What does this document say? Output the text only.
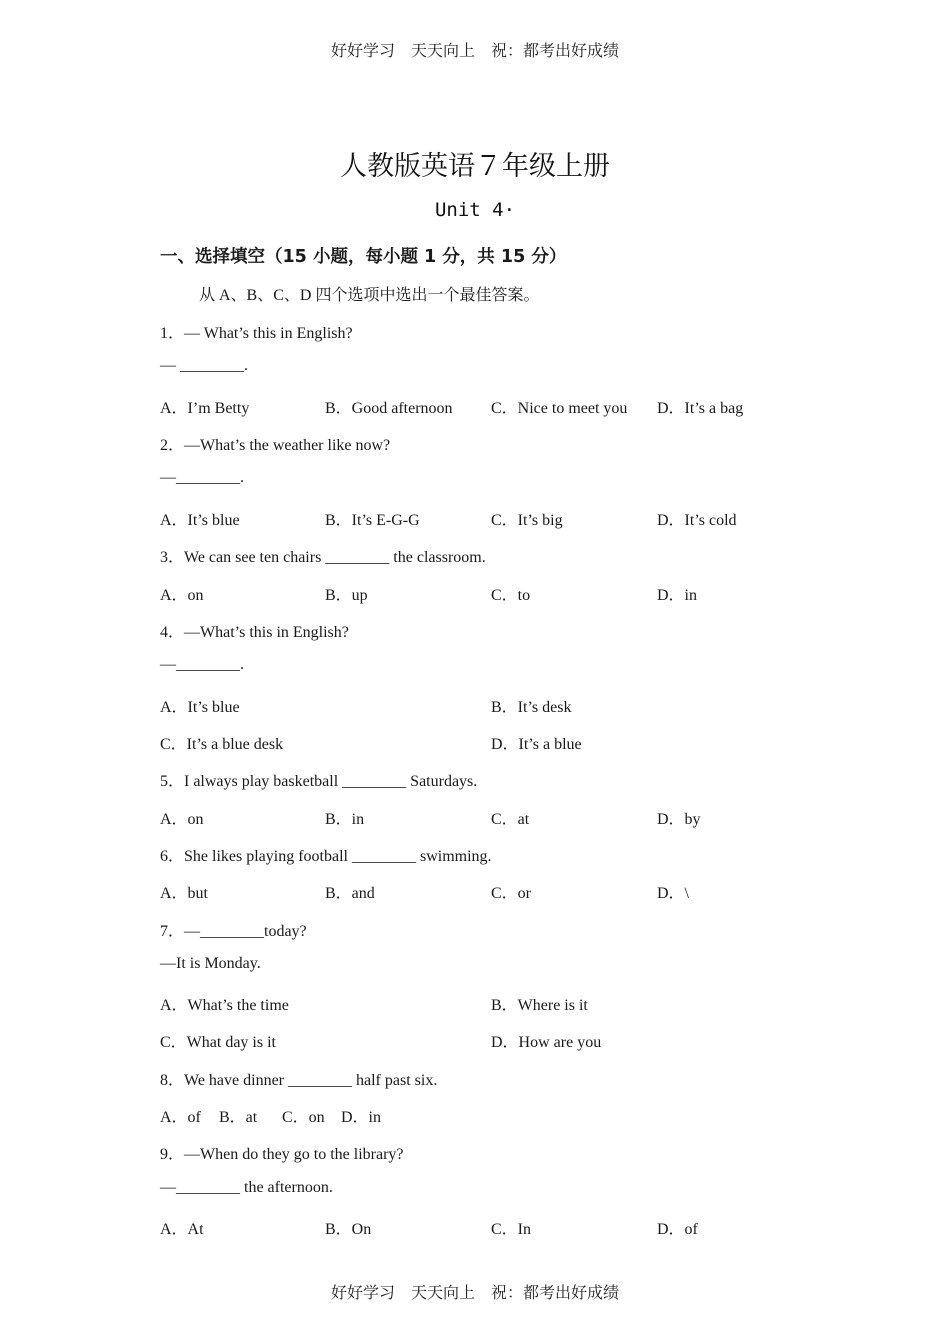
好好学习　天天向上　祝：都考出好成绩
好好学习　天天向上　祝：都考出好成绩
人教版英语７年级上册
Unit 4·
一、选择填空（15 小题，每小题 1 分，共 15 分）
从 A、B、C、D 四个选项中选出一个最佳答案。
1．— What’s this in English?
— ________.
A．I’m Betty	B．Good afternoon C．Nice to meet you D．It’s a bag
2．—What’s the weather like now?
—________.
A．It’s blue	B．It’s E-G-G	C．It’s big	D．It’s cold
3．We can see ten chairs ________ the classroom.
A．on	B．up	C．to	D．in
4．—What’s this in English?
—________.
A．It’s blue	B．It’s desk
C．It’s a blue desk	D．It’s a blue
5．I always play basketball ________ Saturdays.
A．on	B．in	C．at	D．by
6．She likes playing football ________ swimming.
A．but	B．and	C．or	D．\
7．—________today?
—It is Monday.
A．What’s the time	B．Where is it
C．What day is it	D．How are you
8．We have dinner ________ half past six.
A．of B．at C．on D．in
9．—When do they go to the library?
—________ the afternoon.
A．At	B．On	C．In	D．of
